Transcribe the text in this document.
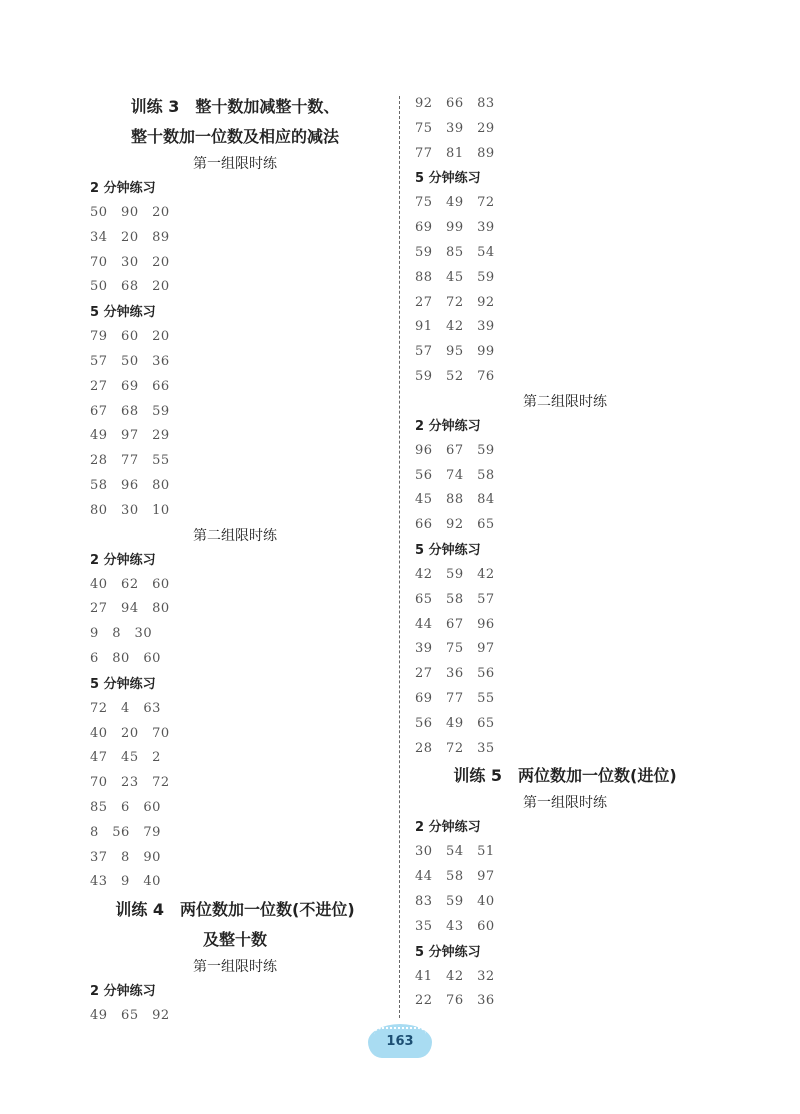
训练 3　整十数加减整十数、
整十数加一位数及相应的减法
第一组限时练
2 分钟练习
50　90　20
34　20　89
70　30　20
50　68　20
5 分钟练习
79　60　20
57　50　36
27　69　66
67　68　59
49　97　29
28　77　55
58　96　80
80　30　10
第二组限时练
2 分钟练习
40　62　60
27　94　80
9　8　30
6　80　60
5 分钟练习
72　4　63
40　20　70
47　45　2
70　23　72
85　6　60
8　56　79
37　8　90
43　9　40
训练 4　两位数加一位数(不进位)
及整十数
第一组限时练
2 分钟练习
49　65　92
92　66　83
75　39　29
77　81　89
5 分钟练习
75　49　72
69　99　39
59　85　54
88　45　59
27　72　92
91　42　39
57　95　99
59　52　76
第二组限时练
2 分钟练习
96　67　59
56　74　58
45　88　84
66　92　65
5 分钟练习
42　59　42
65　58　57
44　67　96
39　75　97
27　36　56
69　77　55
56　49　65
28　72　35
训练 5　两位数加一位数(进位)
第一组限时练
2 分钟练习
30　54　51
44　58　97
83　59　40
35　43　60
5 分钟练习
41　42　32
22　76　36
163
